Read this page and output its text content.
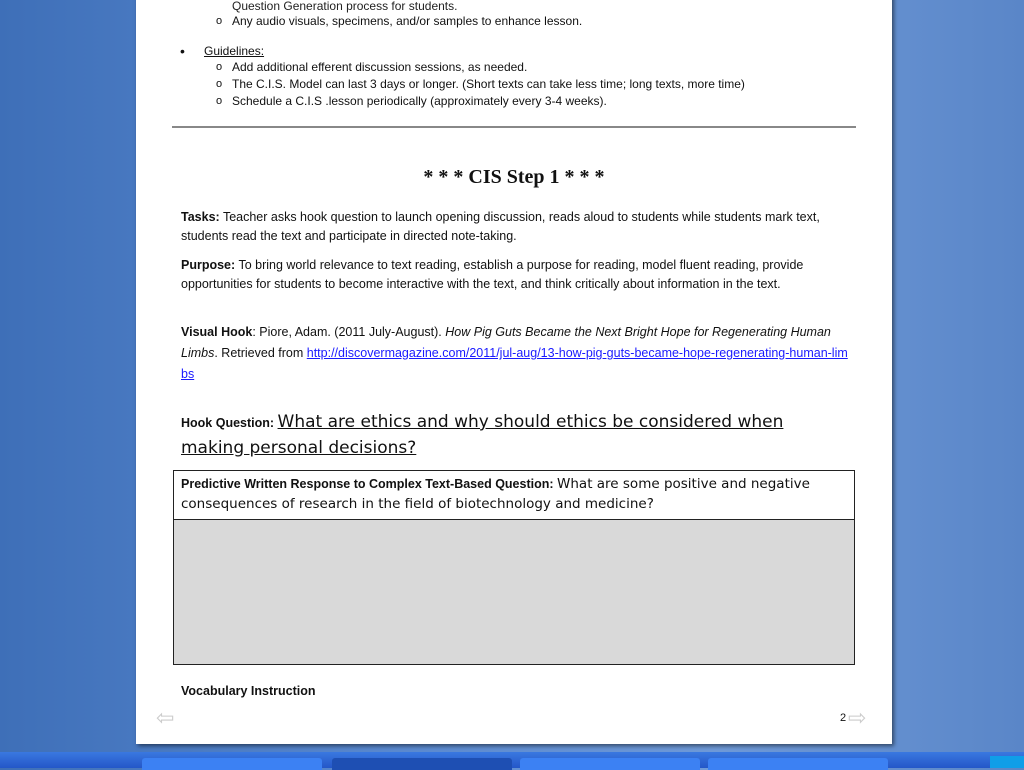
Question Generation process for students.
o Any audio visuals, specimens, and/or samples to enhance lesson.
• Guidelines:
o Add additional efferent discussion sessions, as needed.
o The C.I.S. Model can last 3 days or longer. (Short texts can take less time; long texts, more time)
o Schedule a C.I.S .lesson periodically (approximately every 3-4 weeks).
* * * CIS Step 1 * * *
Tasks: Teacher asks hook question to launch opening discussion, reads aloud to students while students mark text, students read the text and participate in directed note-taking.
Purpose: To bring world relevance to text reading, establish a purpose for reading, model fluent reading, provide opportunities for students to become interactive with the text, and think critically about information in the text.
Visual Hook: Piore, Adam. (2011 July-August). How Pig Guts Became the Next Bright Hope for Regenerating Human Limbs. Retrieved from http://discovermagazine.com/2011/jul-aug/13-how-pig-guts-became-hope-regenerating-human-limbs
Hook Question: What are ethics and why should ethics be considered when making personal decisions?
Predictive Written Response to Complex Text-Based Question: What are some positive and negative consequences of research in the field of biotechnology and medicine?
Vocabulary Instruction
⇦	2 ⇨
